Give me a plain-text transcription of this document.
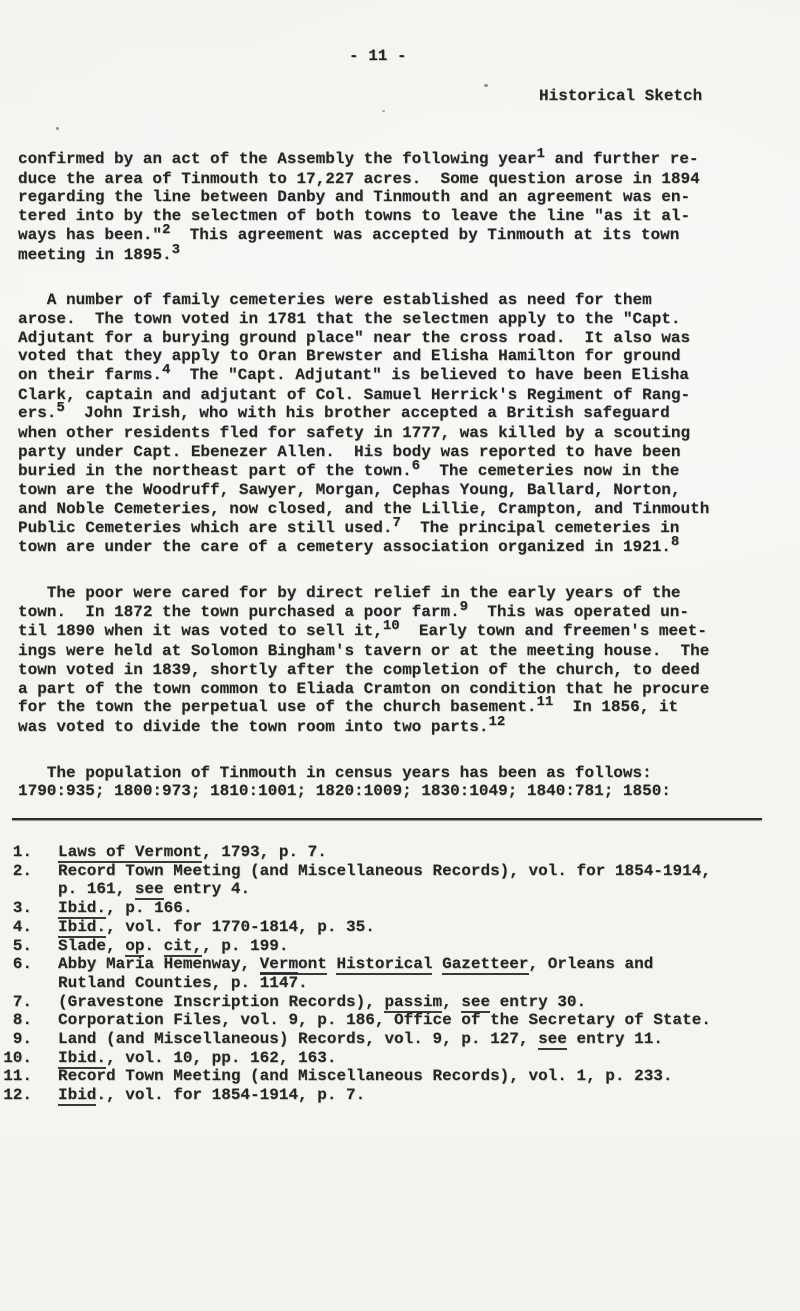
- 11 -
Historical Sketch
confirmed by an act of the Assembly the following year1 and further re-
duce the area of Tinmouth to 17,227 acres.  Some question arose in 1894
regarding the line between Danby and Tinmouth and an agreement was en-
tered into by the selectmen of both towns to leave the line "as it al-
ways has been."2  This agreement was accepted by Tinmouth at its town
meeting in 1895.3
A number of family cemeteries were established as need for them
arose.  The town voted in 1781 that the selectmen apply to the "Capt.
Adjutant for a burying ground place" near the cross road.  It also was
voted that they apply to Oran Brewster and Elisha Hamilton for ground
on their farms.4  The "Capt. Adjutant" is believed to have been Elisha
Clark, captain and adjutant of Col. Samuel Herrick's Regiment of Rang-
ers.5  John Irish, who with his brother accepted a British safeguard
when other residents fled for safety in 1777, was killed by a scouting
party under Capt. Ebenezer Allen.  His body was reported to have been
buried in the northeast part of the town.6  The cemeteries now in the
town are the Woodruff, Sawyer, Morgan, Cephas Young, Ballard, Norton,
and Noble Cemeteries, now closed, and the Lillie, Crampton, and Tinmouth
Public Cemeteries which are still used.7  The principal cemeteries in
town are under the care of a cemetery association organized in 1921.8
The poor were cared for by direct relief in the early years of the
town.  In 1872 the town purchased a poor farm.9  This was operated un-
til 1890 when it was voted to sell it,10  Early town and freemen's meet-
ings were held at Solomon Bingham's tavern or at the meeting house.  The
town voted in 1839, shortly after the completion of the church, to deed
a part of the town common to Eliada Cramton on condition that he procure
for the town the perpetual use of the church basement.11  In 1856, it
was voted to divide the town room into two parts.12
The population of Tinmouth in census years has been as follows:
1790:935; 1800:973; 1810:1001; 1820:1009; 1830:1049; 1840:781; 1850:
1. Laws of Vermont, 1793, p. 7.
2. Record Town Meeting (and Miscellaneous Records), vol. for 1854-1914,
p. 161, see entry 4.
3. Ibid., p. 166.
4. Ibid., vol. for 1770-1814, p. 35.
5. Slade, op. cit,, p. 199.
6. Abby Maria Hemenway, Vermont Historical Gazetteer, Orleans and
Rutland Counties, p. 1147.
7. (Gravestone Inscription Records), passim, see entry 30.
8. Corporation Files, vol. 9, p. 186, Office of the Secretary of State.
9. Land (and Miscellaneous) Records, vol. 9, p. 127, see entry 11.
10. Ibid., vol. 10, pp. 162, 163.
11. Record Town Meeting (and Miscellaneous Records), vol. 1, p. 233.
12. Ibid., vol. for 1854-1914, p. 7.
